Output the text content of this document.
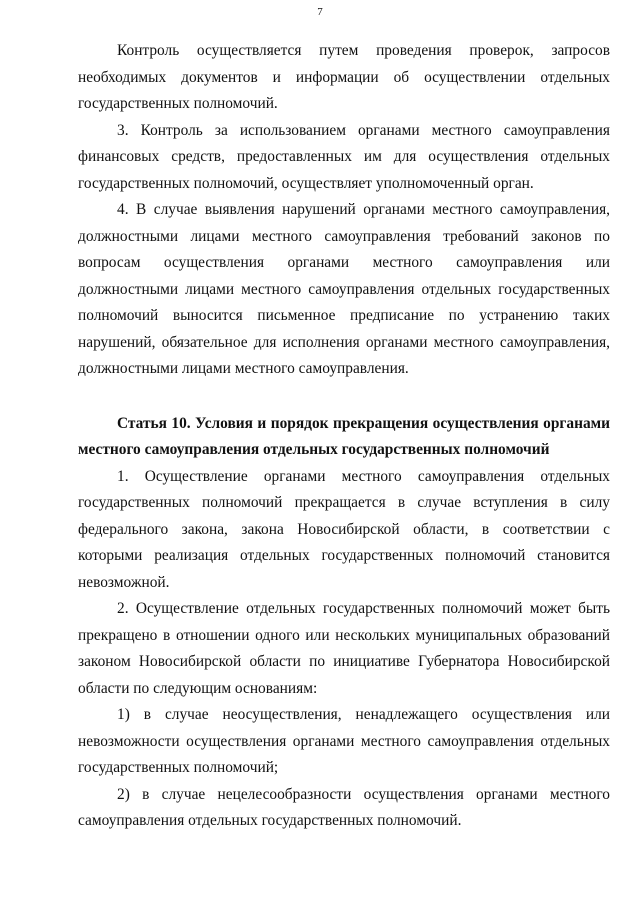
7

Контроль осуществляется путем проведения проверок, запросов необходимых документов и информации об осуществлении отдельных государственных полномочий.

3. Контроль за использованием органами местного самоуправления финансовых средств, предоставленных им для осуществления отдельных государственных полномочий, осуществляет уполномоченный орган.

4. В случае выявления нарушений органами местного самоуправления, должностными лицами местного самоуправления требований законов по вопросам осуществления органами местного самоуправления или должностными лицами местного самоуправления отдельных государственных полномочий выносится письменное предписание по устранению таких нарушений, обязательное для исполнения органами местного самоуправления, должностными лицами местного самоуправления.

Статья 10. Условия и порядок прекращения осуществления органами местного самоуправления отдельных государственных полномочий

1. Осуществление органами местного самоуправления отдельных государственных полномочий прекращается в случае вступления в силу федерального закона, закона Новосибирской области, в соответствии с которыми реализация отдельных государственных полномочий становится невозможной.

2. Осуществление отдельных государственных полномочий может быть прекращено в отношении одного или нескольких муниципальных образований законом Новосибирской области по инициативе Губернатора Новосибирской области по следующим основаниям:

1) в случае неосуществления, ненадлежащего осуществления или невозможности осуществления органами местного самоуправления отдельных государственных полномочий;

2) в случае нецелесообразности осуществления органами местного самоуправления отдельных государственных полномочий.
